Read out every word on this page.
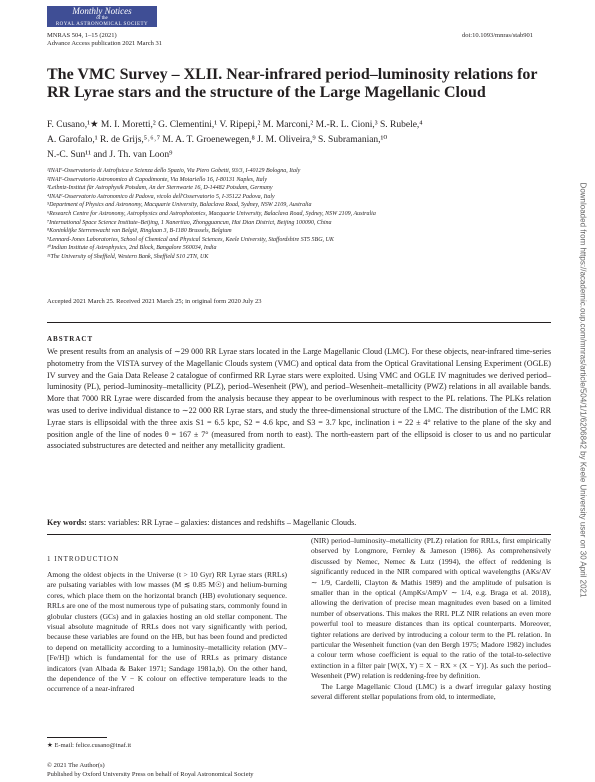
Monthly Notices
of the
ROYAL ASTRONOMICAL SOCIETY
MNRAS 504, 1–15 (2021)
Advance Access publication 2021 March 31
doi:10.1093/mnras/stab901
The VMC Survey – XLII. Near-infrared period–luminosity relations for RR Lyrae stars and the structure of the Large Magellanic Cloud
F. Cusano,¹★ M. I. Moretti,² G. Clementini,¹ V. Ripepi,² M. Marconi,² M.-R. L. Cioni,³ S. Rubele,⁴
A. Garofalo,¹ R. de Grijs,⁵˒⁶˒⁷ M. A. T. Groenewegen,⁸ J. M. Oliveira,⁹ S. Subramanian,¹⁰
N.-C. Sun¹¹ and J. Th. van Loon⁹
¹INAF-Osservatorio di Astrofisica e Scienza dello Spazio, Via Piero Gobetti, 93/3, I-40129 Bologna, Italy
²INAF-Osservatorio Astronomico di Capodimonte, Via Moiariello 16, I-80131 Naples, Italy
³Leibniz-Institut für Astrophysik Potsdam, An der Sternwarte 16, D-14482 Potsdam, Germany
⁴INAF-Osservatorio Astronomico di Padova, vicolo dell'Osservatorio 5, I-35122 Padova, Italy
⁵Department of Physics and Astronomy, Macquarie University, Balaclava Road, Sydney, NSW 2109, Australia
⁶Research Centre for Astronomy, Astrophysics and Astrophotonics, Macquarie University, Balaclava Road, Sydney, NSW 2109, Australia
⁷International Space Science Institute–Beijing, 1 Nanertiao, Zhongguancun, Hai Dian District, Beijing 100090, China
⁸Koninklijke Sterrenwacht van België, Ringlaan 3, B-1180 Brussels, Belgium
⁹Lennard-Jones Laboratories, School of Chemical and Physical Sciences, Keele University, Staffordshire ST5 5BG, UK
¹⁰Indian Institute of Astrophysics, 2nd Block, Bangalore 560034, India
¹¹The University of Sheffield, Western Bank, Sheffield S10 2TN, UK
Accepted 2021 March 25. Received 2021 March 25; in original form 2020 July 23
ABSTRACT
We present results from an analysis of ∼29 000 RR Lyrae stars located in the Large Magellanic Cloud (LMC). For these objects, near-infrared time-series photometry from the VISTA survey of the Magellanic Clouds system (VMC) and optical data from the Optical Gravitational Lensing Experiment (OGLE) IV survey and the Gaia Data Release 2 catalogue of confirmed RR Lyrae stars were exploited. Using VMC and OGLE IV magnitudes we derived period–luminosity (PL), period–luminosity–metallicity (PLZ), period–Wesenheit (PW), and period–Wesenheit–metallicity (PWZ) relations in all available bands. More that 7000 RR Lyrae were discarded from the analysis because they appear to be overluminous with respect to the PL relations. The PLKs relation was used to derive individual distance to ∼22 000 RR Lyrae stars, and study the three-dimensional structure of the LMC. The distribution of the LMC RR Lyrae stars is ellipsoidal with the three axis S1 = 6.5 kpc, S2 = 4.6 kpc, and S3 = 3.7 kpc, inclination i = 22 ± 4° relative to the plane of the sky and position angle of the line of nodes θ = 167 ± 7° (measured from north to east). The north-eastern part of the ellipsoid is closer to us and no particular associated substructures are detected and neither any metallicity gradient.
Key words: stars: variables: RR Lyrae – galaxies: distances and redshifts – Magellanic Clouds.
1 INTRODUCTION

Among the oldest objects in the Universe (t > 10 Gyr) RR Lyrae stars (RRLs) are pulsating variables with low masses (M ≲ 0.85 M☉) and helium-burning cores, which place them on the horizontal branch (HB) evolutionary sequence. RRLs are one of the most numerous type of pulsating stars, commonly found in globular clusters (GCs) and in galaxies hosting an old stellar component. The visual absolute magnitude of RRLs does not vary significantly with period, because these variables are found on the HB, but has been found and predicted to depend on metallicity according to a luminosity–metallicity relation (MV–[Fe/H]) which is fundamental for the use of RRLs as primary distance indicators (van Albada & Baker 1971; Sandage 1981a,b). On the other hand, the dependence of the V − K colour on effective temperature leads to the occurrence of a near-infrared

(NIR) period–luminosity–metallicity (PLZ) relation for RRLs, first empirically observed by Longmore, Fernley & Jameson (1986). As comprehensively discussed by Nemec, Nemec & Lutz (1994), the effect of reddening is significantly reduced in the NIR compared with optical wavelengths (AKs/AV ∼ 1/9, Cardelli, Clayton & Mathis 1989) and the amplitude of pulsation is smaller than in the optical (AmpKs/AmpV ∼ 1/4, e.g. Braga et al. 2018), allowing the derivation of precise mean magnitudes even based on a limited number of observations. This makes the RRL PLZ NIR relations an even more powerful tool to measure distances than its optical counterparts. Moreover, tighter relations are derived by introducing a colour term to the PL relation. In particular the Wesenheit function (van den Bergh 1975; Madore 1982) includes a colour term whose coefficient is equal to the ratio of the total-to-selective extinction in a filter pair [W(X, Y) = X − RX × (X − Y)]. As such the period–Wesenheit (PW) relation is reddening-free by definition.

The Large Magellanic Cloud (LMC) is a dwarf irregular galaxy hosting several different stellar populations from old, to intermediate,

★ E-mail: felice.cusano@inaf.it
© 2021 The Author(s)
Published by Oxford University Press on behalf of Royal Astronomical Society
Downloaded from https://academic.oup.com/mnras/article/504/1/1/6206842 by Keele University user on 30 April 2021
